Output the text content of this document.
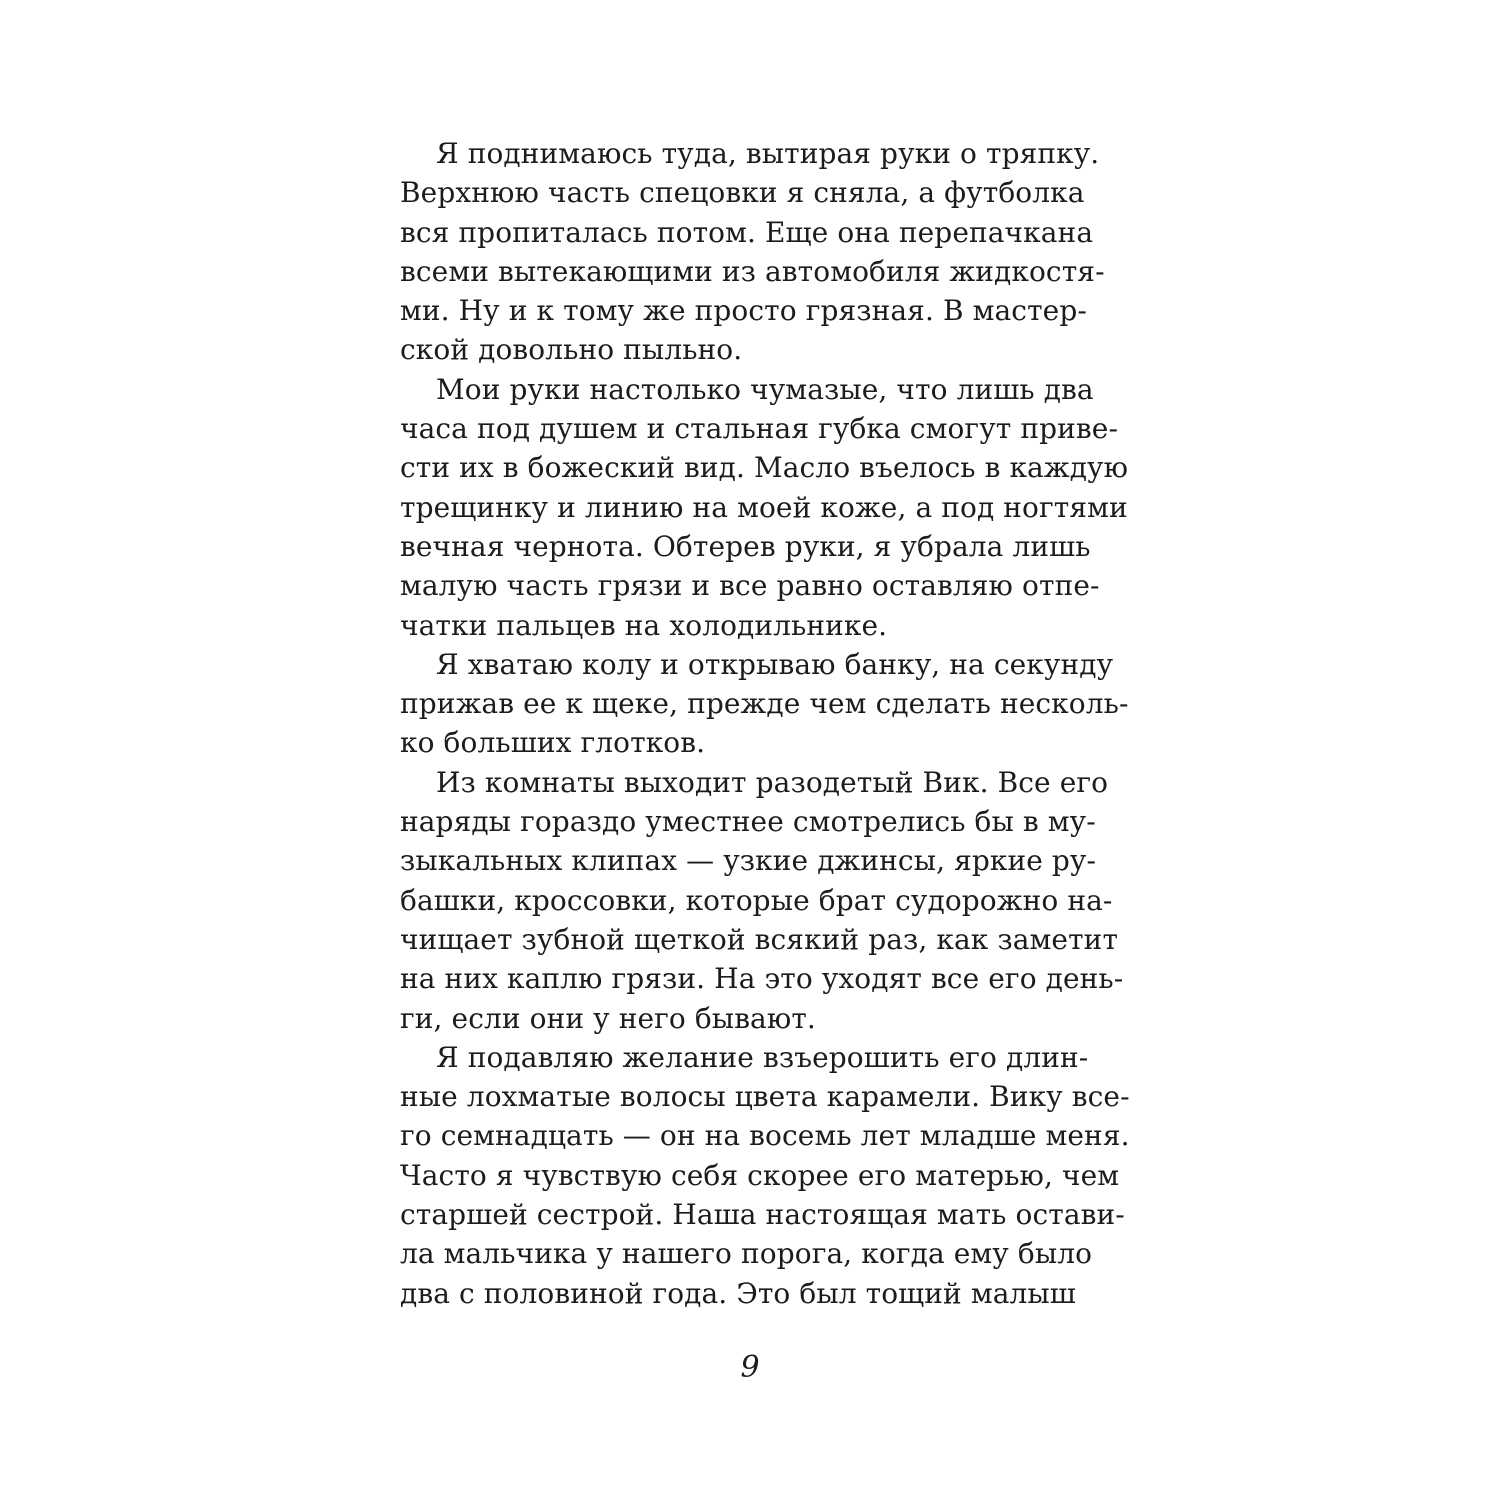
Я поднимаюсь туда, вытирая руки о тряпку.
Верхнюю часть спецовки я сняла, а футболка
вся пропиталась потом. Еще она перепачкана
всеми вытекающими из автомобиля жидкостя-
ми. Ну и к тому же просто грязная. В мастер-
ской довольно пыльно.
Мои руки настолько чумазые, что лишь два
часа под душем и стальная губка смогут приве-
сти их в божеский вид. Масло въелось в каждую
трещинку и линию на моей коже, а под ногтями
вечная чернота. Обтерев руки, я убрала лишь
малую часть грязи и все равно оставляю отпе-
чатки пальцев на холодильнике.
Я хватаю колу и открываю банку, на секунду
прижав ее к щеке, прежде чем сделать несколь-
ко больших глотков.
Из комнаты выходит разодетый Вик. Все его
наряды гораздо уместнее смотрелись бы в му-
зыкальных клипах — узкие джинсы, яркие ру-
башки, кроссовки, которые брат судорожно на-
чищает зубной щеткой всякий раз, как заметит
на них каплю грязи. На это уходят все его день-
ги, если они у него бывают.
Я подавляю желание взъерошить его длин-
ные лохматые волосы цвета карамели. Вику все-
го семнадцать — он на восемь лет младше меня.
Часто я чувствую себя скорее его матерью, чем
старшей сестрой. Наша настоящая мать остави-
ла мальчика у нашего порога, когда ему было
два с половиной года. Это был тощий малыш
9
